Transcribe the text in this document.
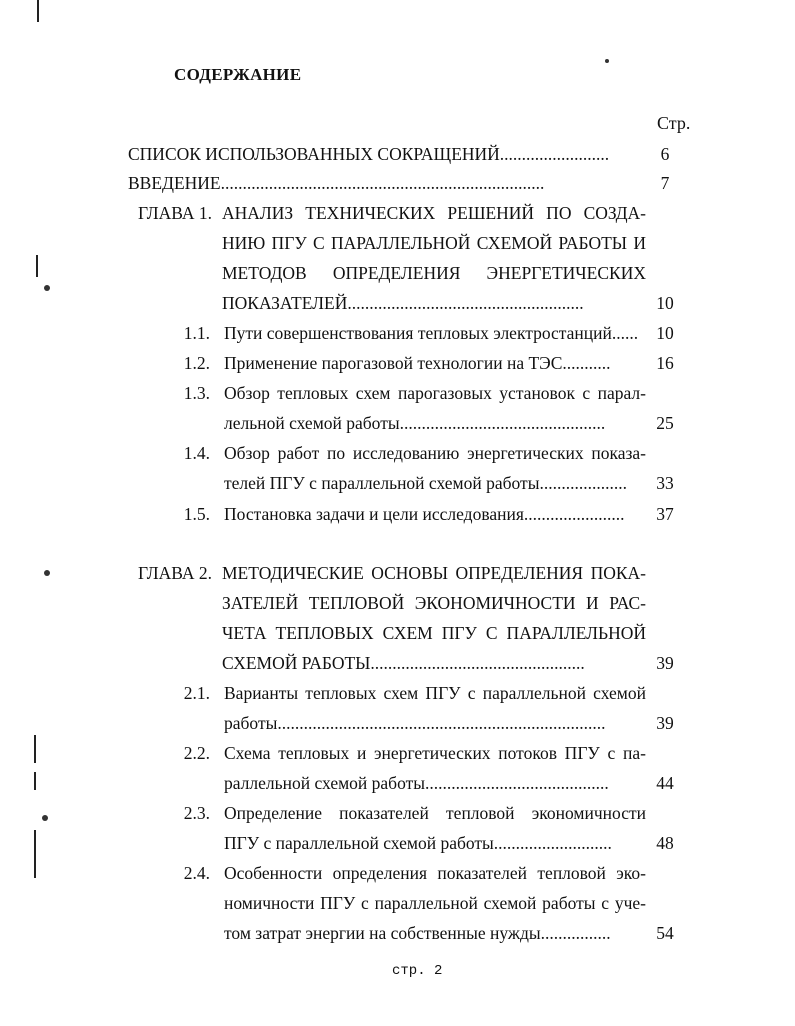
СОДЕРЖАНИЕ
Стр.
СПИСОК ИСПОЛЬЗОВАННЫХ СОКРАЩЕНИЙ.........................	6
ВВЕДЕНИЕ..........................................................................	7
ГЛАВА 1. АНАЛИЗ ТЕХНИЧЕСКИХ РЕШЕНИЙ ПО СОЗДА-
НИЮ ПГУ С ПАРАЛЛЕЛЬНОЙ СХЕМОЙ РАБОТЫ И
МЕТОДОВ ОПРЕДЕЛЕНИЯ ЭНЕРГЕТИЧЕСКИХ
ПОКАЗАТЕЛЕЙ......................................................	10
1.1. Пути совершенствования тепловых электростанций......	10
1.2. Применение парогазовой технологии на ТЭС...........	16
1.3. Обзор тепловых схем парогазовых установок с парал-
лельной схемой работы...............................................	25
1.4. Обзор работ по исследованию энергетических показа-
телей ПГУ с параллельной схемой работы....................	33
1.5. Постановка задачи и цели исследования.......................	37
ГЛАВА 2. МЕТОДИЧЕСКИЕ ОСНОВЫ ОПРЕДЕЛЕНИЯ ПОКА-
ЗАТЕЛЕЙ ТЕПЛОВОЙ ЭКОНОМИЧНОСТИ И РАС-
ЧЕТА ТЕПЛОВЫХ СХЕМ ПГУ С ПАРАЛЛЕЛЬНОЙ
СХЕМОЙ РАБОТЫ.................................................	39
2.1. Варианты тепловых схем ПГУ с параллельной схемой
работы...........................................................................	39
2.2. Схема тепловых и энергетических потоков ПГУ с па-
раллельной схемой работы..........................................	44
2.3. Определение показателей тепловой экономичности
ПГУ с параллельной схемой работы...........................	48
2.4. Особенности определения показателей тепловой эко-
номичности ПГУ с параллельной схемой работы с уче-
том затрат энергии на собственные нужды................	54
стр. 2
